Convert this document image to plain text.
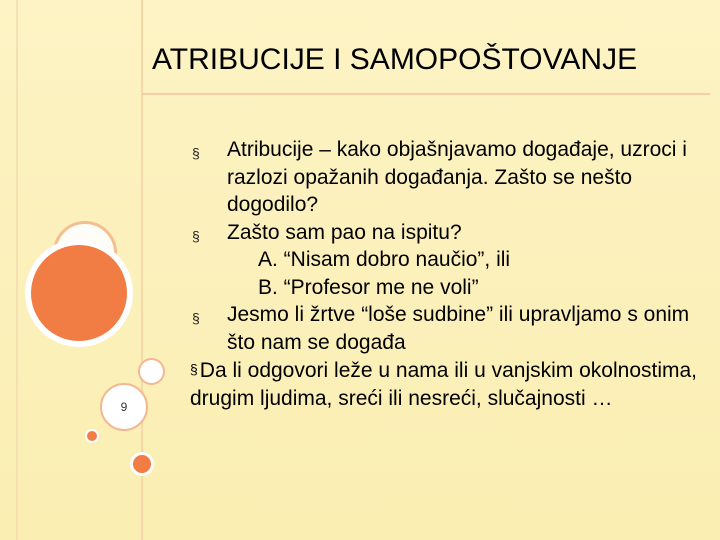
ATRIBUCIJE I SAMOPOŠTOVANJE
9
§ Atribucije – kako objašnjavamo događaje, uzroci i razlozi opažanih događanja. Zašto se nešto dogodilo?
§ Zašto sam pao na ispitu?
A. “Nisam dobro naučio”, ili
B. “Profesor me ne voli”
§ Jesmo li žrtve “loše sudbine” ili upravljamo s onim što nam se događa
§Da li odgovori leže u nama ili u vanjskim okolnostima, drugim ljudima, sreći ili nesreći, slučajnosti …
